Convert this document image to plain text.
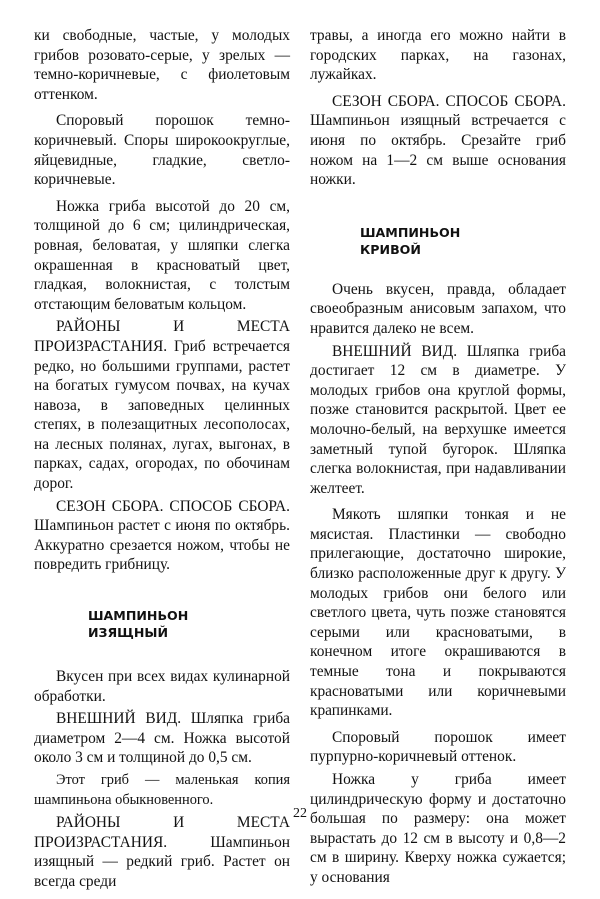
ки свободные, частые, у молодых грибов розовато-серые, у зрелых — темно-коричневые, с фиолетовым оттенком.

Споровый порошок темно-коричневый. Споры широкоокруглые, яйцевидные, гладкие, светло-коричневые.

Ножка гриба высотой до 20 см, толщиной до 6 см; цилиндрическая, ровная, беловатая, у шляпки слегка окрашенная в красноватый цвет, гладкая, волокнистая, с толстым отстающим беловатым кольцом.

РАЙОНЫ И МЕСТА ПРОИЗРАСТАНИЯ. Гриб встречается редко, но большими группами, растет на богатых гумусом почвах, на кучах навоза, в заповедных целинных степях, в полезащитных лесополосах, на лесных полянах, лугах, выгонах, в парках, садах, огородах, по обочинам дорог.

СЕЗОН СБОРА. СПОСОБ СБОРА. Шампиньон растет с июня по октябрь. Аккуратно срезается ножом, чтобы не повредить грибницу.

ШАМПИНЬОН
ИЗЯЩНЫЙ

Вкусен при всех видах кулинарной обработки.

ВНЕШНИЙ ВИД. Шляпка гриба диаметром 2—4 см. Ножка высотой около 3 см и толщиной до 0,5 см.

Этот гриб — маленькая копия шампиньона обыкновенного.

РАЙОНЫ И МЕСТА ПРОИЗРАСТАНИЯ. Шампиньон изящный — редкий гриб. Растет он всегда среди

травы, а иногда его можно найти в городских парках, на газонах, лужайках.

СЕЗОН СБОРА. СПОСОБ СБОРА. Шампиньон изящный встречается с июня по октябрь. Срезайте гриб ножом на 1—2 см выше основания ножки.

ШАМПИНЬОН
КРИВОЙ

Очень вкусен, правда, обладает своеобразным анисовым запахом, что нравится далеко не всем.

ВНЕШНИЙ ВИД. Шляпка гриба достигает 12 см в диаметре. У молодых грибов она круглой формы, позже становится раскрытой. Цвет ее молочно-белый, на верхушке имеется заметный тупой бугорок. Шляпка слегка волокнистая, при надавливании желтеет.

Мякоть шляпки тонкая и не мясистая. Пластинки — свободно прилегающие, достаточно широкие, близко расположенные друг к другу. У молодых грибов они белого или светлого цвета, чуть позже становятся серыми или красноватыми, в конечном итоге окрашиваются в темные тона и покрываются красноватыми или коричневыми крапинками.

Споровый порошок имеет пурпурно-коричневый оттенок.

Ножка у гриба имеет цилиндрическую форму и достаточно большая по размеру: она может вырастать до 12 см в высоту и 0,8—2 см в ширину. Кверху ножка сужается; у основания

22
